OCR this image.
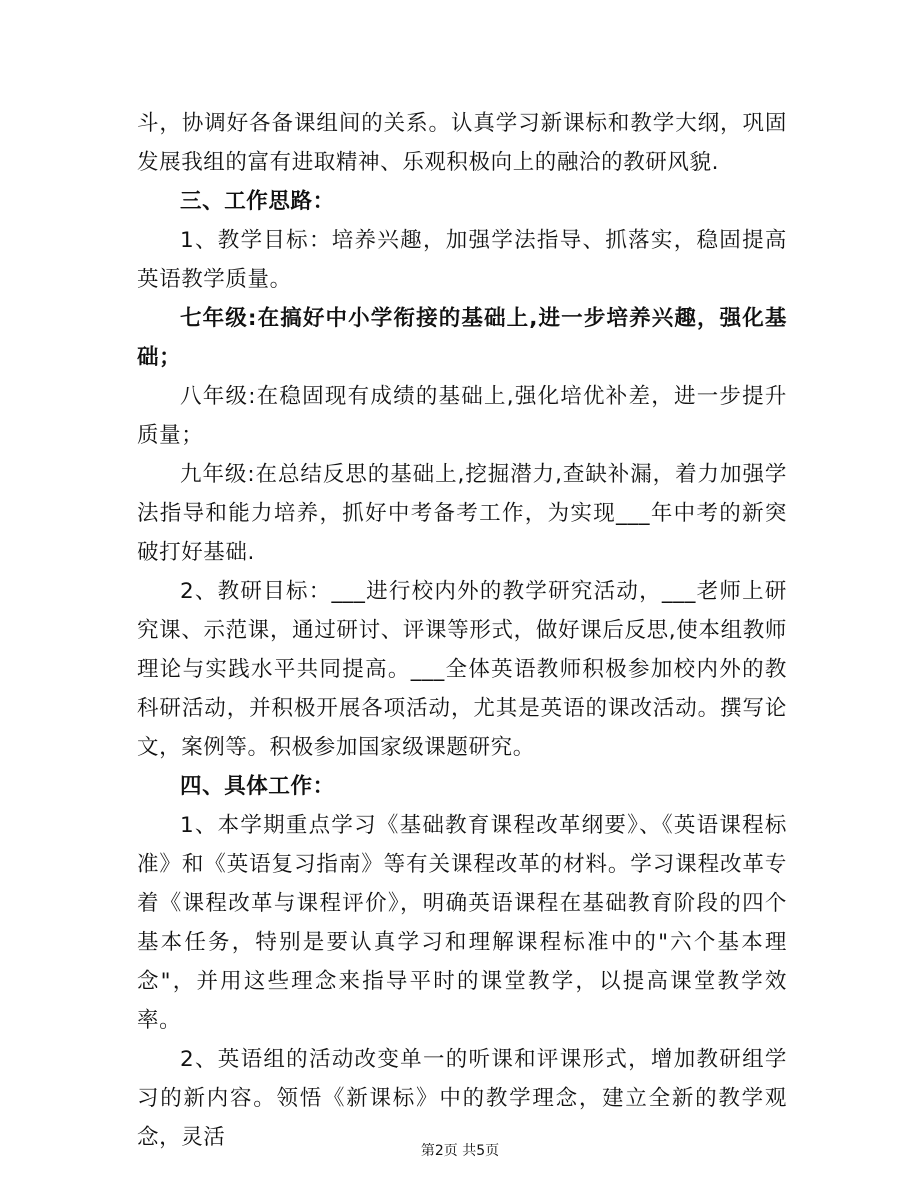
斗，协调好各备课组间的关系。认真学习新课标和教学大纲，巩固发展我组的富有进取精神、乐观积极向上的融洽的教研风貌.

三、工作思路：

1、教学目标：培养兴趣，加强学法指导、抓落实，稳固提高英语教学质量。

七年级:在搞好中小学衔接的基础上,进一步培养兴趣，强化基础；

八年级:在稳固现有成绩的基础上,强化培优补差，进一步提升质量；

九年级:在总结反思的基础上,挖掘潜力,查缺补漏，着力加强学法指导和能力培养，抓好中考备考工作，为实现___年中考的新突破打好基础.

2、教研目标：___进行校内外的教学研究活动，___老师上研究课、示范课，通过研讨、评课等形式，做好课后反思,使本组教师理论与实践水平共同提高。___全体英语教师积极参加校内外的教科研活动，并积极开展各项活动，尤其是英语的课改活动。撰写论文，案例等。积极参加国家级课题研究。

四、具体工作：

1、本学期重点学习《基础教育课程改革纲要》、《英语课程标准》和《英语复习指南》等有关课程改革的材料。学习课程改革专着《课程改革与课程评价》，明确英语课程在基础教育阶段的四个基本任务，特别是要认真学习和理解课程标准中的"六个基本理念"，并用这些理念来指导平时的课堂教学，以提高课堂教学效率。

2、英语组的活动改变单一的听课和评课形式，增加教研组学习的新内容。领悟《新课标》中的教学理念，建立全新的教学观念，灵活

第2页 共5页
